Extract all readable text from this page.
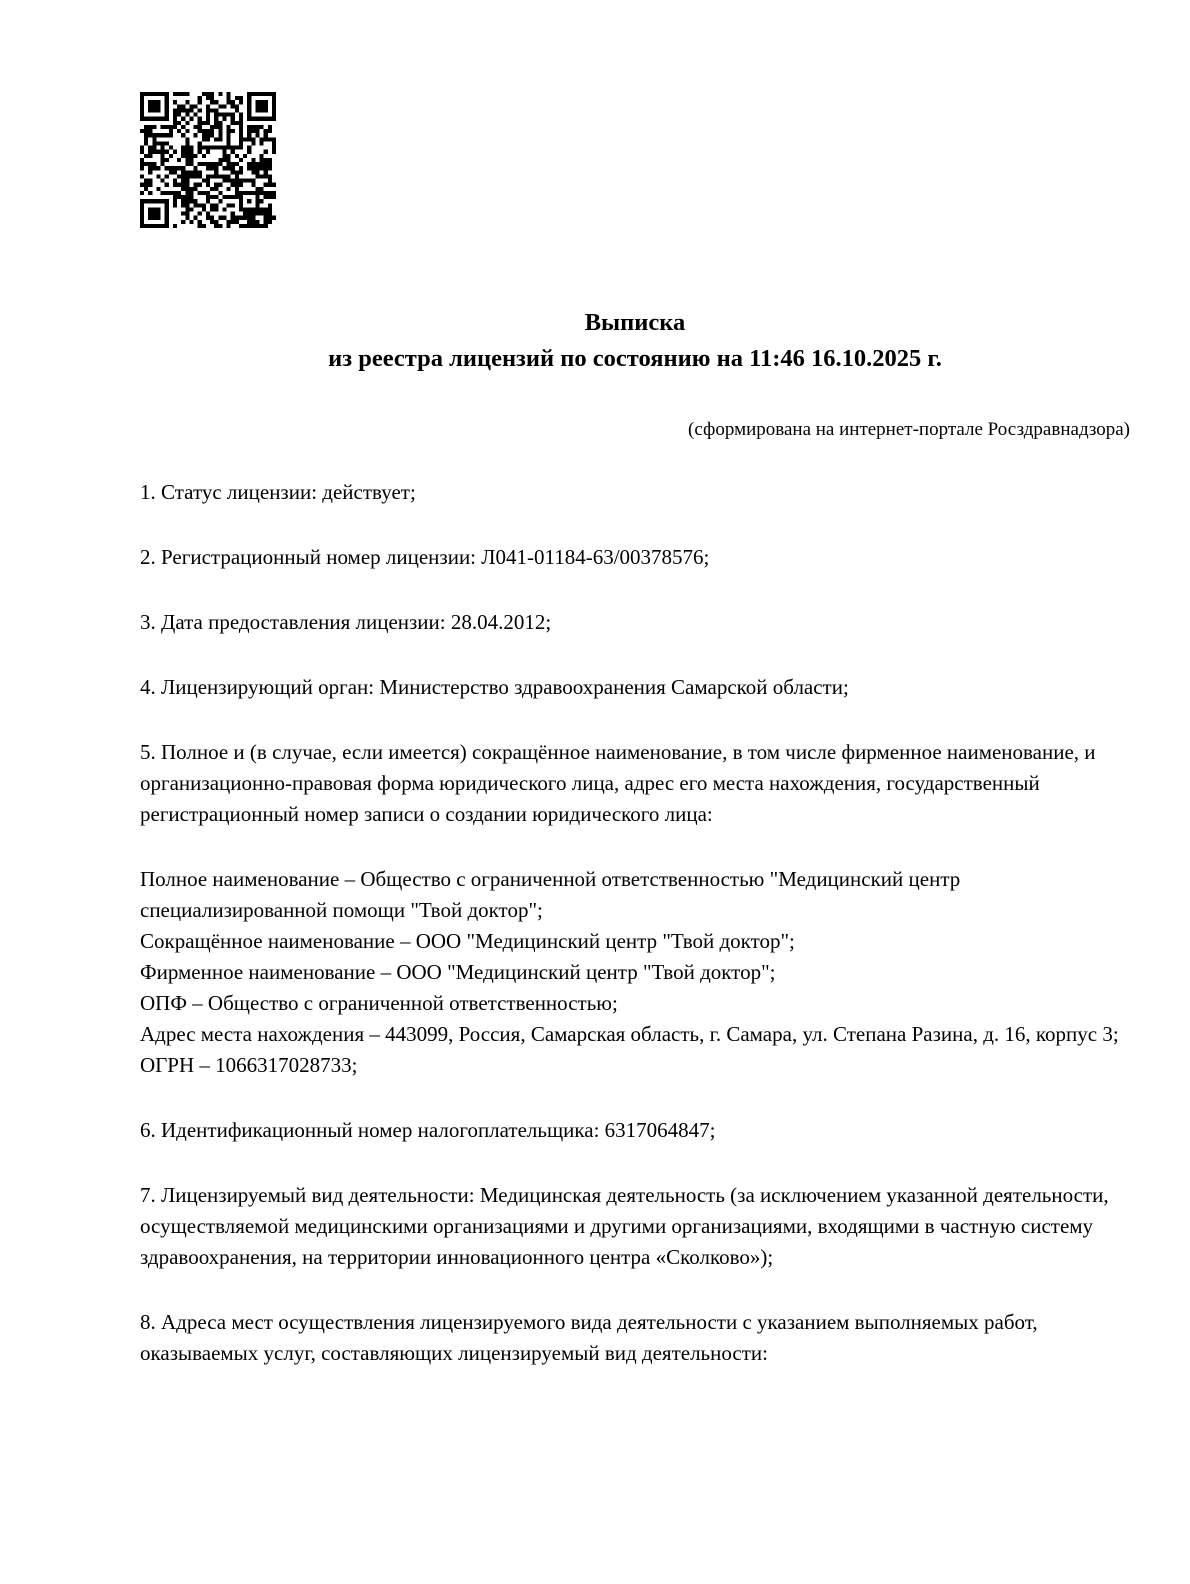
Выписка
из реестра лицензий по состоянию на 11:46 16.10.2025 г.
(сформирована на интернет-портале Росздравнадзора)
1. Статус лицензии: действует;
2. Регистрационный номер лицензии: Л041-01184-63/00378576;
3. Дата предоставления лицензии: 28.04.2012;
4. Лицензирующий орган: Министерство здравоохранения Самарской области;
5. Полное и (в случае, если имеется) сокращённое наименование, в том числе фирменное наименование, и организационно-правовая форма юридического лица, адрес его места нахождения, государственный регистрационный номер записи о создании юридического лица:
Полное наименование – Общество с ограниченной ответственностью "Медицинский центр специализированной помощи "Твой доктор";
Сокращённое наименование – ООО "Медицинский центр "Твой доктор";
Фирменное наименование – ООО "Медицинский центр "Твой доктор";
ОПФ – Общество с ограниченной ответственностью;
Адрес места нахождения – 443099, Россия, Самарская область, г. Самара, ул. Степана Разина, д. 16, корпус 3;
ОГРН – 1066317028733;
6. Идентификационный номер налогоплательщика: 6317064847;
7. Лицензируемый вид деятельности: Медицинская деятельность (за исключением указанной деятельности, осуществляемой медицинскими организациями и другими организациями, входящими в частную систему здравоохранения, на территории инновационного центра «Сколково»);
8. Адреса мест осуществления лицензируемого вида деятельности с указанием выполняемых работ, оказываемых услуг, составляющих лицензируемый вид деятельности:
